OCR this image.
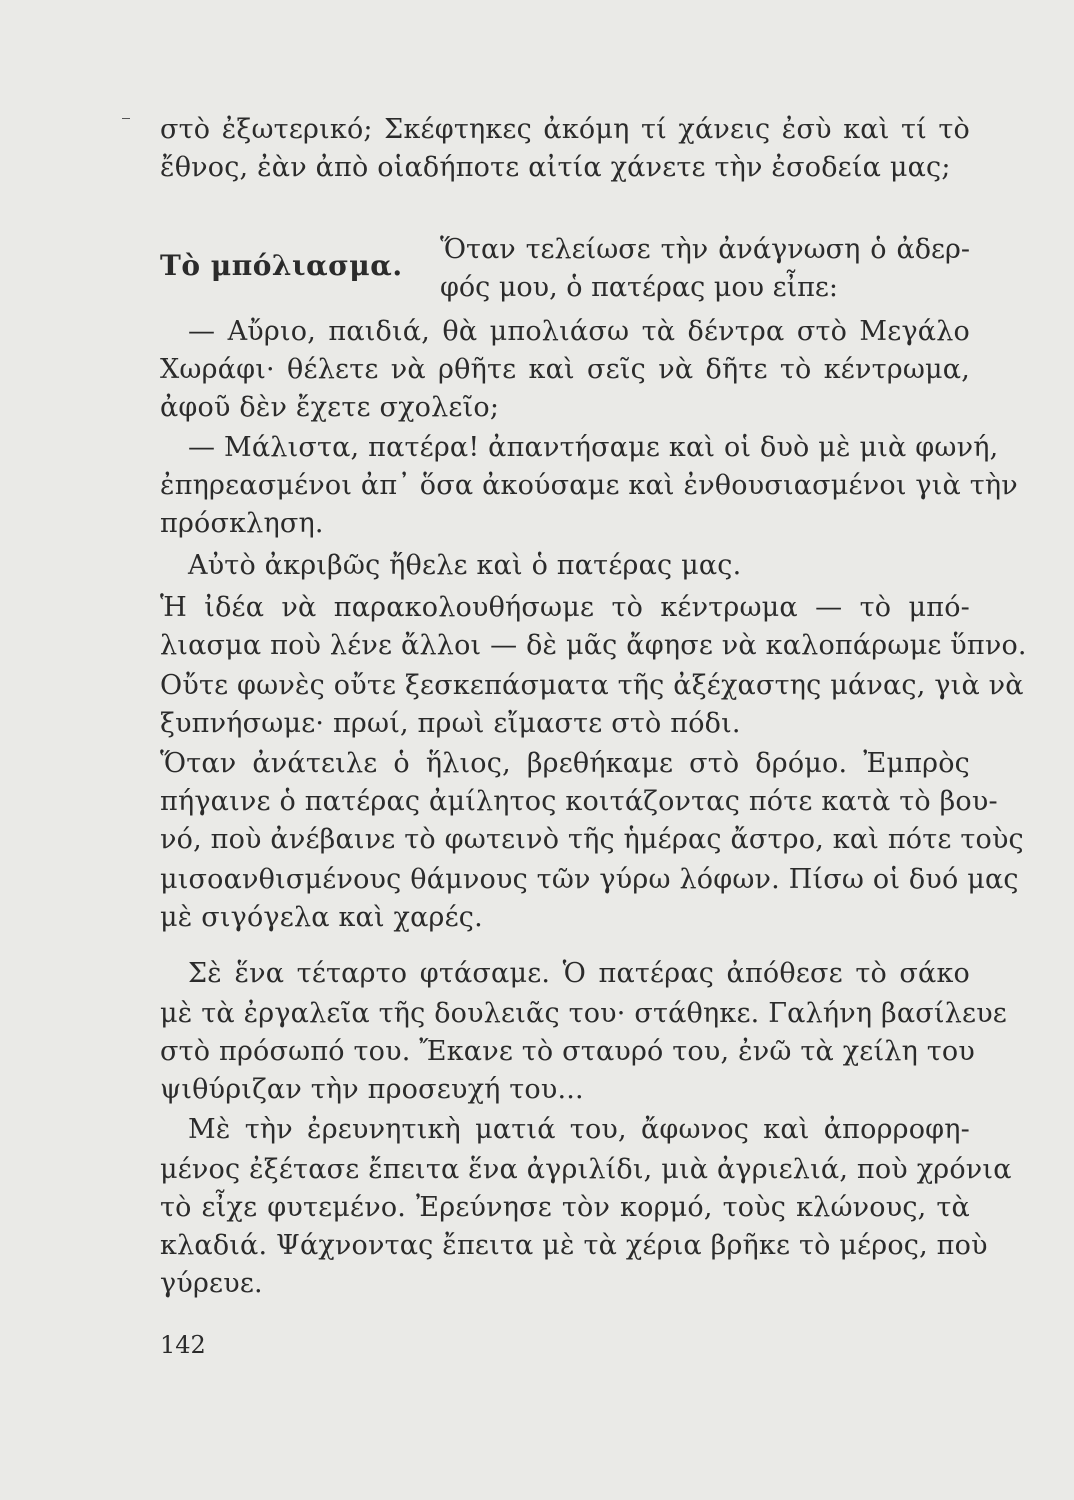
στὸ ἐξωτερικό; Σκέφτηκες ἀκόμη τί χάνεις ἐσὺ καὶ τί τὸ
ἔθνος, ἐὰν ἀπὸ οἱαδήποτε αἰτία χάνετε τὴν ἐσοδεία μας;
Τὸ μπόλιασμα. Ὅταν τελείωσε τὴν ἀνάγνωση ὁ ἀδερ-
φός μου, ὁ πατέρας μου εἶπε:
— Αὔριο, παιδιά, θὰ μπολιάσω τὰ δέντρα στὸ Μεγάλο
Χωράφι· θέλετε νὰ ρθῆτε καὶ σεῖς νὰ δῆτε τὸ κέντρωμα,
ἀφοῦ δὲν ἔχετε σχολεῖο;
— Μάλιστα, πατέρα! ἀπαντήσαμε καὶ οἱ δυὸ μὲ μιὰ φωνή,
ἐπηρεασμένοι ἀπ᾽ ὅσα ἀκούσαμε καὶ ἐνθουσιασμένοι γιὰ τὴν
πρόσκληση.
Αὐτὸ ἀκριβῶς ἤθελε καὶ ὁ πατέρας μας.
Ἡ ἰδέα νὰ παρακολουθήσωμε τὸ κέντρωμα — τὸ μπό-
λιασμα ποὺ λένε ἄλλοι — δὲ μᾶς ἄφησε νὰ καλοπάρωμε ὕπνο.
Οὔτε φωνὲς οὔτε ξεσκεπάσματα τῆς ἀξέχαστης μάνας, γιὰ νὰ
ξυπνήσωμε· πρωί, πρωὶ εἴμαστε στὸ πόδι.
Ὅταν ἀνάτειλε ὁ ἥλιος, βρεθήκαμε στὸ δρόμο. Ἐμπρὸς
πήγαινε ὁ πατέρας ἀμίλητος κοιτάζοντας πότε κατὰ τὸ βου-
νό, ποὺ ἀνέβαινε τὸ φωτεινὸ τῆς ἡμέρας ἄστρο, καὶ πότε τοὺς
μισοανθισμένους θάμνους τῶν γύρω λόφων. Πίσω οἱ δυό μας
μὲ σιγόγελα καὶ χαρές.
Σὲ ἕνα τέταρτο φτάσαμε. Ὁ πατέρας ἀπόθεσε τὸ σάκο
μὲ τὰ ἐργαλεῖα τῆς δουλειᾶς του· στάθηκε. Γαλήνη βασίλευε
στὸ πρόσωπό του. Ἔκανε τὸ σταυρό του, ἐνῶ τὰ χείλη του
ψιθύριζαν τὴν προσευχή του...
Μὲ τὴν ἐρευνητικὴ ματιά του, ἄφωνος καὶ ἀπορροφη-
μένος ἐξέτασε ἔπειτα ἕνα ἀγριλίδι, μιὰ ἀγριελιά, ποὺ χρόνια
τὸ εἶχε φυτεμένο. Ἐρεύνησε τὸν κορμό, τοὺς κλώνους, τὰ
κλαδιά. Ψάχνοντας ἔπειτα μὲ τὰ χέρια βρῆκε τὸ μέρος, ποὺ
γύρευε.
142
